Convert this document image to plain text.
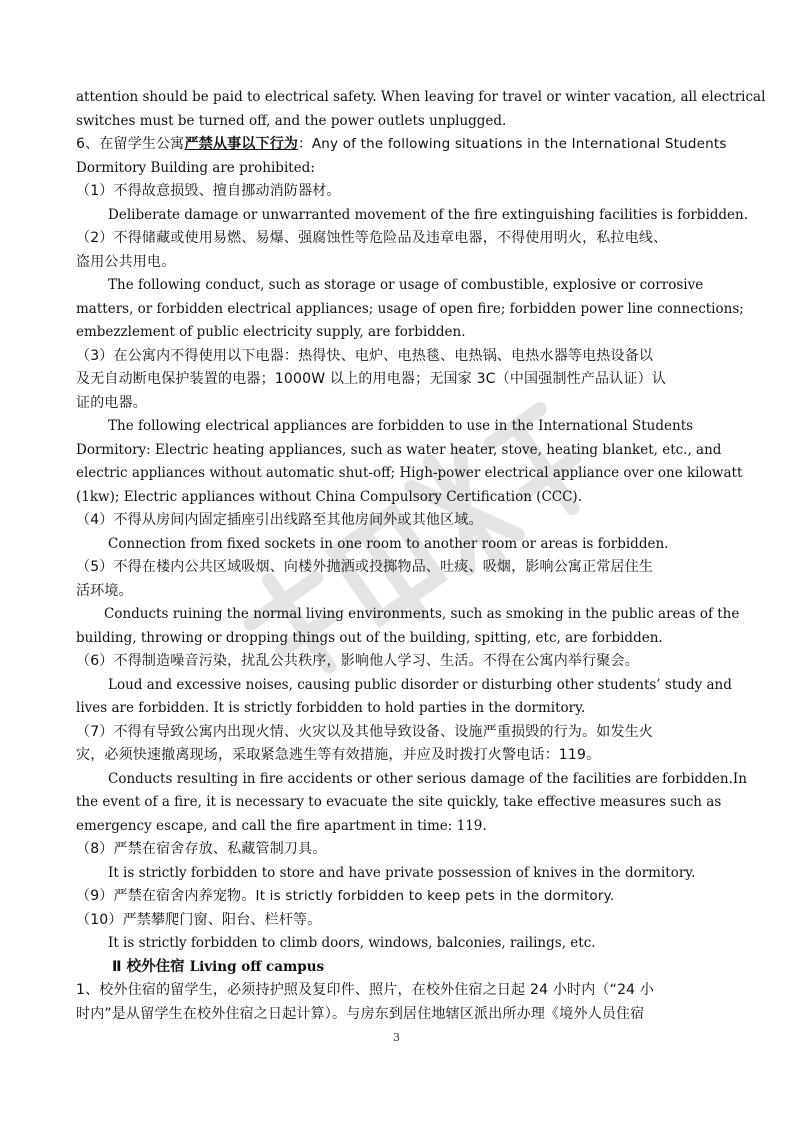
attention should be paid to electrical safety. When leaving for travel or winter vacation, all electrical

switches must be turned off, and the power outlets unplugged.

6、在留学生公寓严禁从事以下行为：Any of the following situations in the International Students

Dormitory Building are prohibited:

（1）不得故意损毁、擅自挪动消防器材。

Deliberate damage or unwarranted movement of the fire extinguishing facilities is forbidden.

（2）不得储藏或使用易燃、易爆、强腐蚀性等危险品及违章电器，不得使用明火，私拉电线、

盗用公共用电。

The following conduct, such as storage or usage of combustible, explosive or corrosive

matters, or forbidden electrical appliances; usage of open fire; forbidden power line connections;

embezzlement of public electricity supply, are forbidden.

（3）在公寓内不得使用以下电器：热得快、电炉、电热毯、电热锅、电热水器等电热设备以

及无自动断电保护装置的电器；1000W 以上的用电器；无国家 3C（中国强制性产品认证）认

证的电器。

The following electrical appliances are forbidden to use in the International Students

Dormitory: Electric heating appliances, such as water heater, stove, heating blanket, etc., and

electric appliances without automatic shut-off; High-power electrical appliance over one kilowatt

(1kw); Electric appliances without China Compulsory Certification (CCC).

（4）不得从房间内固定插座引出线路至其他房间外或其他区域。

Connection from fixed sockets in one room to another room or areas is forbidden.

（5）不得在楼内公共区域吸烟、向楼外抛洒或投掷物品、吐痰、吸烟，影响公寓正常居住生

活环境。

Conducts ruining the normal living environments, such as smoking in the public areas of the

building, throwing or dropping things out of the building, spitting, etc, are forbidden.

（6）不得制造噪音污染，扰乱公共秩序，影响他人学习、生活。不得在公寓内举行聚会。

Loud and excessive noises, causing public disorder or disturbing other students’ study and

lives are forbidden. It is strictly forbidden to hold parties in the dormitory.

（7）不得有导致公寓内出现火情、火灾以及其他导致设备、设施严重损毁的行为。如发生火

灾，必须快速撤离现场，采取紧急逃生等有效措施，并应及时拨打火警电话：119。

Conducts resulting in fire accidents or other serious damage of the facilities are forbidden.In

the event of a fire, it is necessary to evacuate the site quickly, take effective measures such as

emergency escape, and call the fire apartment in time: 119.

（8）严禁在宿舍存放、私藏管制刀具。

It is strictly forbidden to store and have private possession of knives in the dormitory.

（9）严禁在宿舍内养宠物。It is strictly forbidden to keep pets in the dormitory.

（10）严禁攀爬门窗、阳台、栏杆等。

It is strictly forbidden to climb doors, windows, balconies, railings, etc.

Ⅱ 校外住宿 Living off campus

1、校外住宿的留学生，必须持护照及复印件、照片，在校外住宿之日起 24 小时内（“24 小

时内”是从留学生在校外住宿之日起计算）。与房东到居住地辖区派出所办理《境外人员住宿

3
